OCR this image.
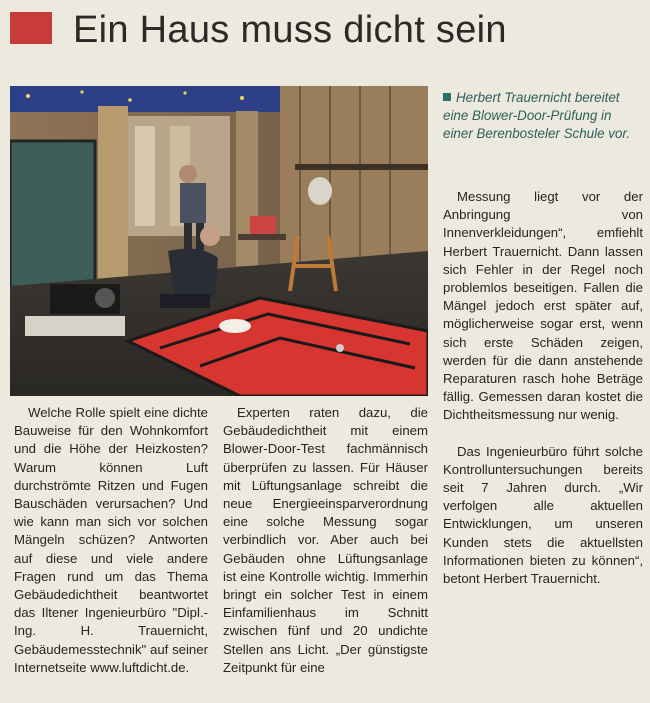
Ein Haus muss dicht sein
Herbert Trauernicht bereitet eine Blower-Door-Prüfung in einer Berenbosteler Schule vor.

Welche Rolle spielt eine dichte Bauweise für den Wohnkomfort und die Höhe der Heizkosten? Warum können Luft durchströmte Ritzen und Fugen Bauschäden verursachen? Und wie kann man sich vor solchen Mängeln schüzen? Antworten auf diese und viele andere Fragen rund um das Thema Gebäudedichtheit beantwortet das Iltener Ingenieurbüro "Dipl.-Ing. H. Trauernicht, Gebäudemesstechnik" auf seiner Internetseite www.luftdicht.de.

Experten raten dazu, die Gebäudedichtheit mit einem Blower-Door-Test fachmännisch überprüfen zu lassen. Für Häuser mit Lüftungsanlage schreibt die neue Energieeinsparverordnung eine solche Messung sogar verbindlich vor. Aber auch bei Gebäuden ohne Lüftungsanlage ist eine Kontrolle wichtig. Immerhin bringt ein solcher Test in einem Einfamilienhaus im Schnitt zwischen fünf und 20 undichte Stellen ans Licht. „Der günstigste Zeitpunkt für eine

Messung liegt vor der Anbringung von Innenverkleidungen“, emfiehlt Herbert Trauernicht. Dann lassen sich Fehler in der Regel noch problemlos beseitigen. Fallen die Mängel jedoch erst später auf, möglicherweise sogar erst, wenn sich erste Schäden zeigen, werden für die dann anstehende Reparaturen rasch hohe Beträge fällig. Gemessen daran kostet die Dichtheitsmessung nur wenig.

Das Ingenieurbüro führt solche Kontrolluntersuchungen bereits seit 7 Jahren durch. „Wir verfolgen alle aktuellen Entwicklungen, um unseren Kunden stets die aktuellsten Informationen bieten zu können“, betont Herbert Trauernicht.
